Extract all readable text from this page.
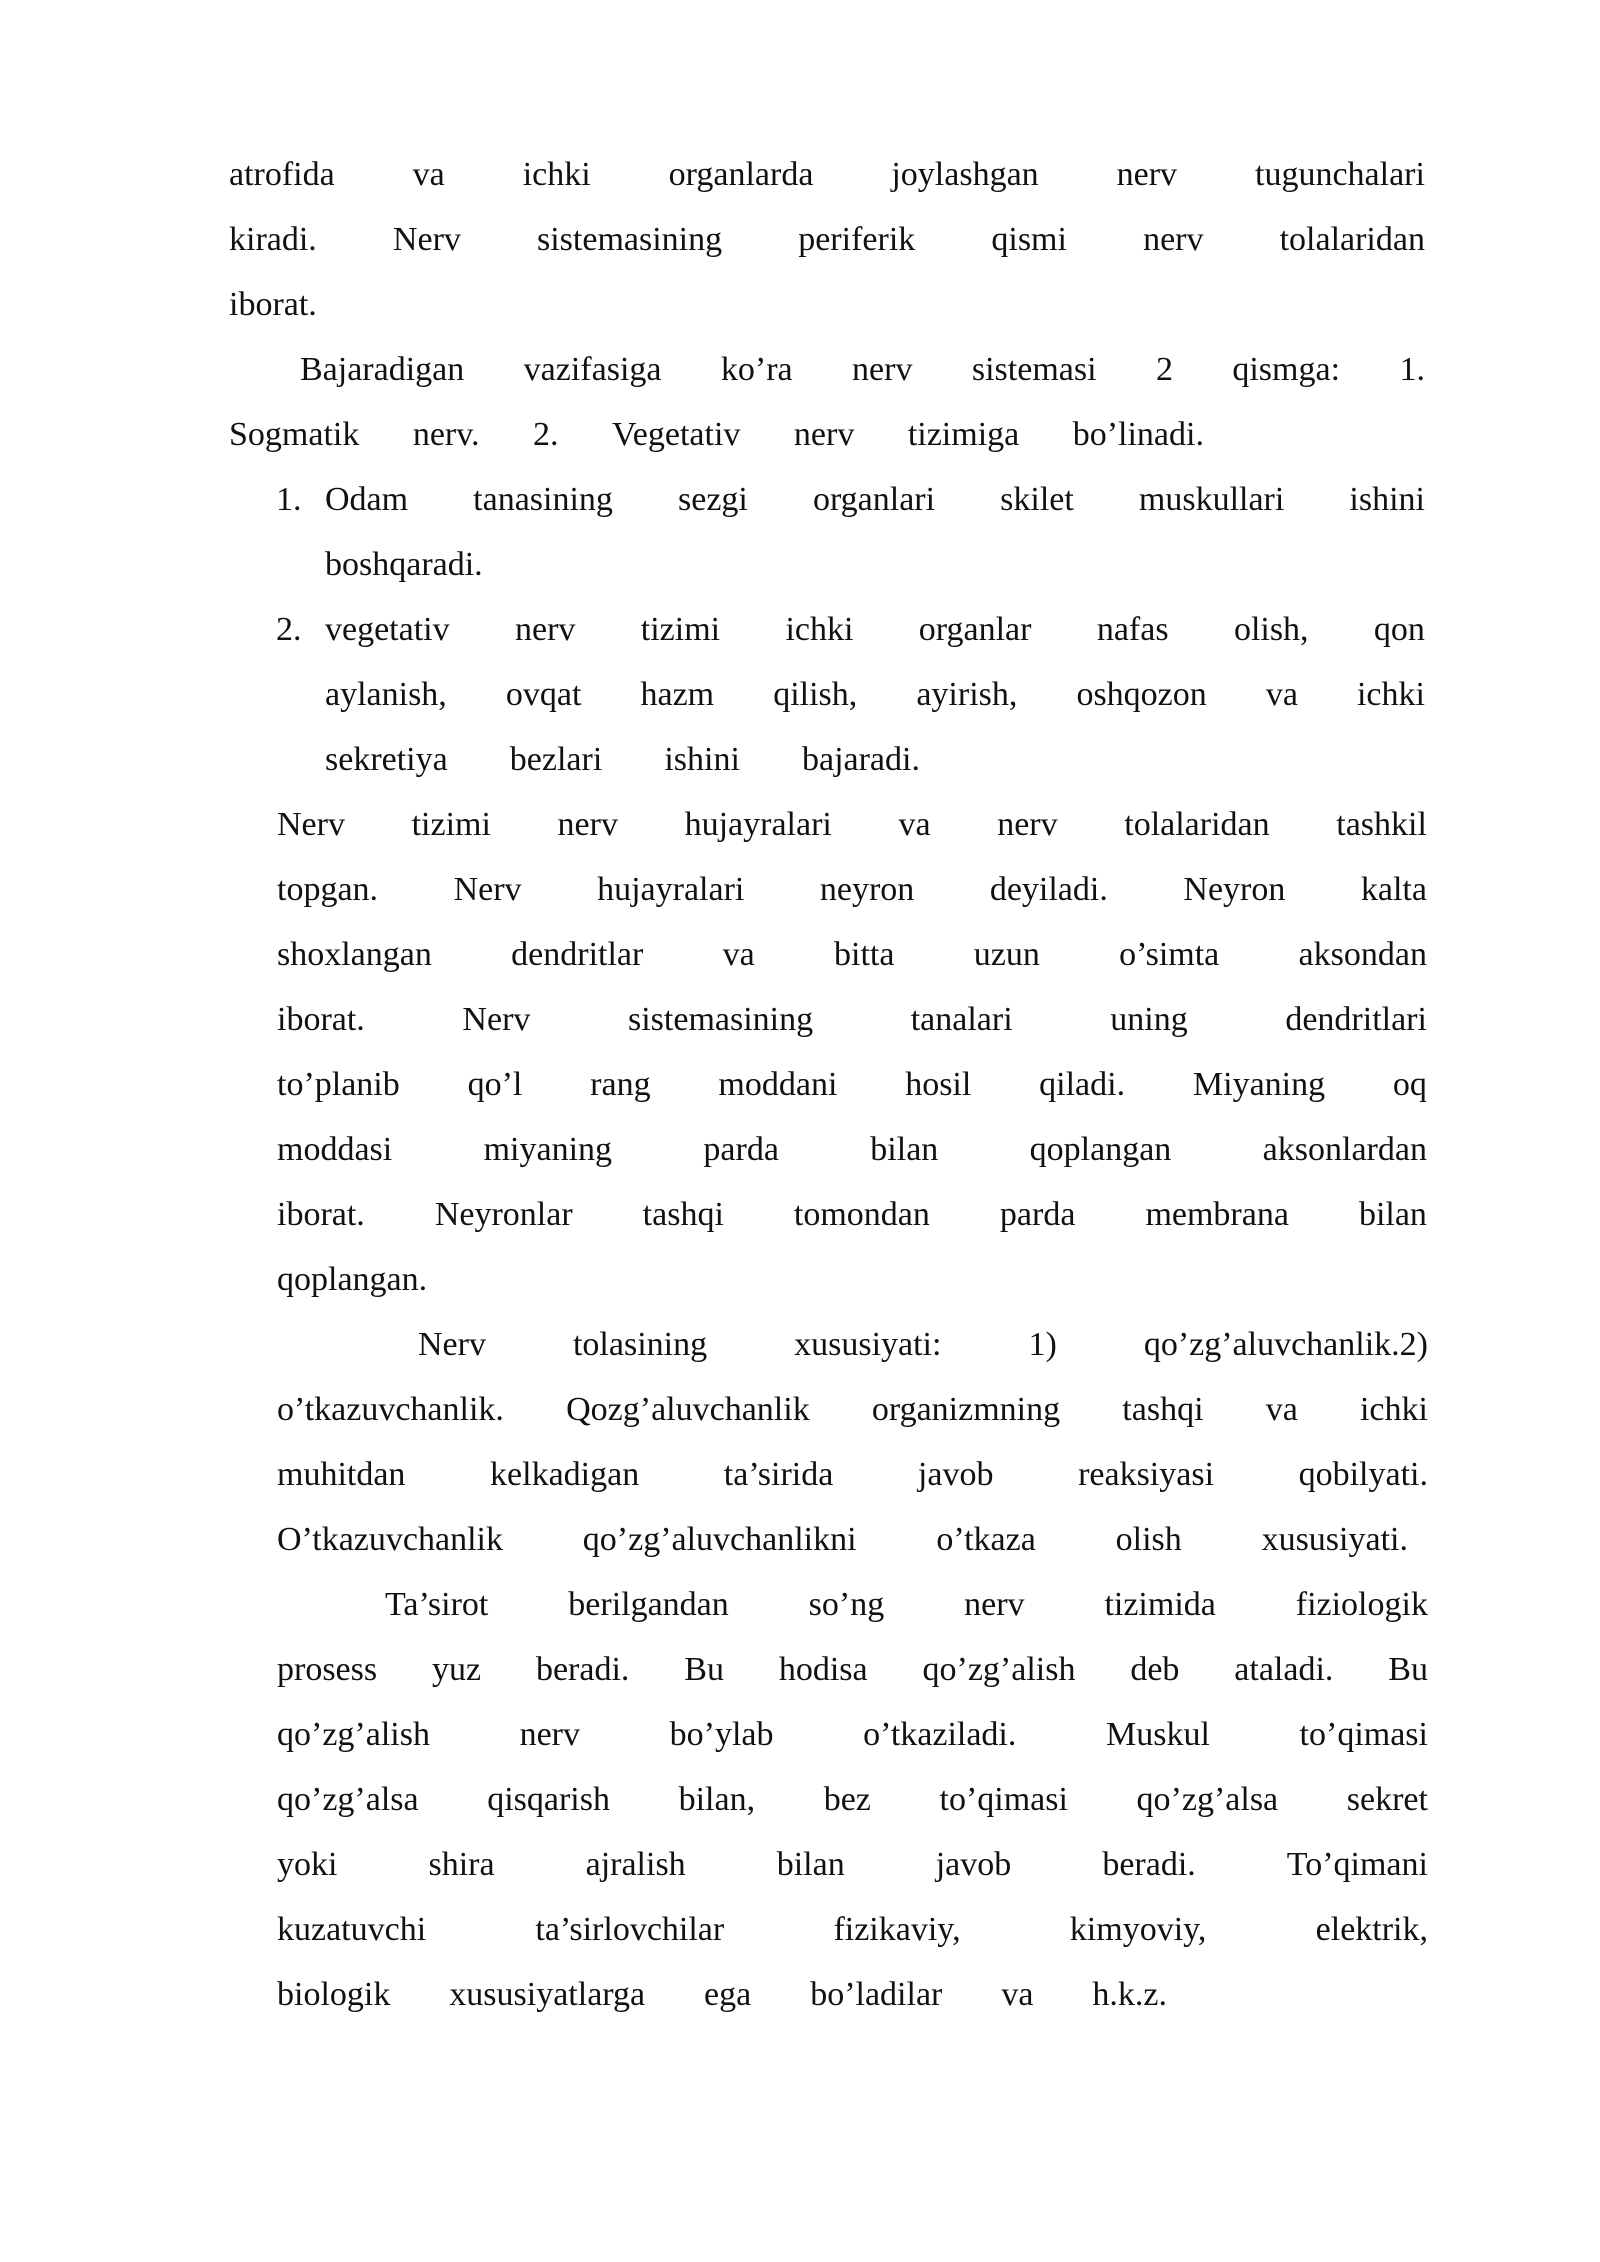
atrofida va ichki organlarda joylashgan nerv tugunchalari
kiradi. Nerv sistemasining periferik qismi nerv tolalaridan
iborat.
Bajaradigan vazifasiga ko’ra nerv sistemasi 2 qismga: 1.
Sogmatik nerv. 2. Vegetativ nerv tizimiga bo’linadi.
1. Odam tanasining sezgi organlari skilet muskullari ishini
boshqaradi.
2. vegetativ nerv tizimi ichki organlar nafas olish, qon
aylanish, ovqat hazm qilish, ayirish, oshqozon va ichki
sekretiya bezlari ishini bajaradi.
Nerv tizimi nerv hujayralari va nerv tolalaridan tashkil
topgan. Nerv hujayralari neyron deyiladi. Neyron kalta
shoxlangan dendritlar va bitta uzun o’simta aksondan
iborat.	Nerv	sistemasining	tanalari	uning	dendritlari
to’planib qo’l rang moddani hosil qiladi. Miyaning oq
moddasi	miyaning	parda	bilan	qoplangan	aksonlardan
iborat. Neyronlar tashqi tomondan parda membrana bilan
qoplangan.
Nerv	tolasining	xususiyati:	1)	qo’zg’aluvchanlik.2)
o’tkazuvchanlik. Qozg’aluvchanlik organizmning tashqi va ichki
muhitdan kelkadigan ta’sirida javob reaksiyasi qobilyati.
O’tkazuvchanlik qo’zg’aluvchanlikni o’tkaza olish xususiyati.
Ta’sirot berilgandan so’ng nerv tizimida fiziologik
prosess yuz beradi. Bu hodisa qo’zg’alish deb ataladi. Bu
qo’zg’alish	nerv	bo’ylab	o’tkaziladi.	Muskul	to’qimasi
qo’zg’alsa qisqarish bilan, bez to’qimasi qo’zg’alsa sekret
yoki	shira	ajralish	bilan	javob	beradi.	To’qimani
kuzatuvchi	ta’sirlovchilar	fizikaviy,	kimyoviy,	elektrik,
biologik xususiyatlarga ega bo’ladilar va h.k.z.
